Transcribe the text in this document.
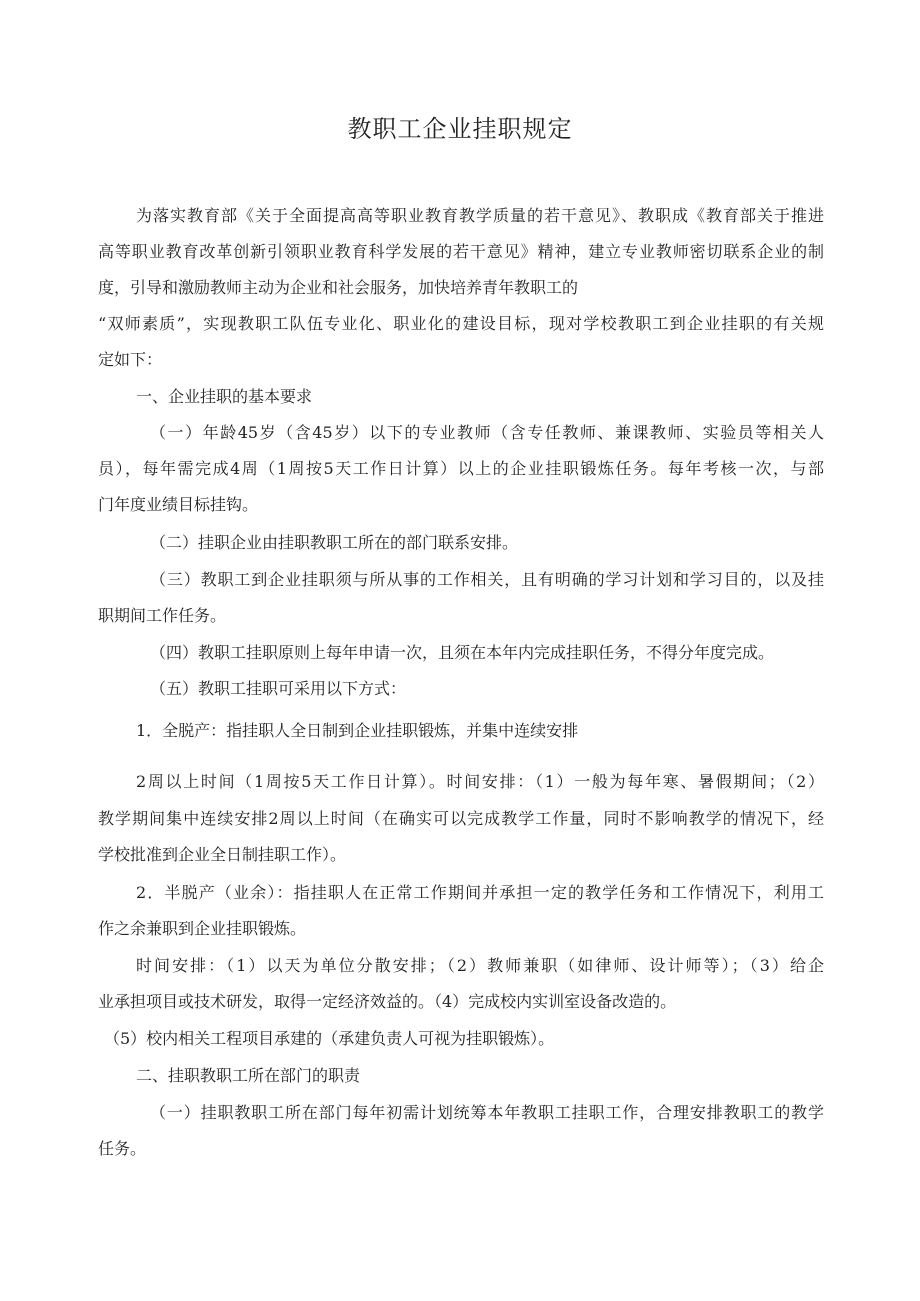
教职工企业挂职规定
为落实教育部《关于全面提高高等职业教育教学质量的若干意见》、教职成《教育部关于推进
高等职业教育改革创新引领职业教育科学发展的若干意见》精神，建立专业教师密切联系企业的制
度，引导和激励教师主动为企业和社会服务，加快培养青年教职工的
“双师素质”，实现教职工队伍专业化、职业化的建设目标，现对学校教职工到企业挂职的有关规
定如下：
一、企业挂职的基本要求
（一）年龄45岁（含45岁）以下的专业教师（含专任教师、兼课教师、实验员等相关人
员），每年需完成4周（1周按5天工作日计算）以上的企业挂职锻炼任务。每年考核一次，与部
门年度业绩目标挂钩。
（二）挂职企业由挂职教职工所在的部门联系安排。
（三）教职工到企业挂职须与所从事的工作相关，且有明确的学习计划和学习目的，以及挂
职期间工作任务。
（四）教职工挂职原则上每年申请一次，且须在本年内完成挂职任务，不得分年度完成。
（五）教职工挂职可采用以下方式：
1．全脱产：指挂职人全日制到企业挂职锻炼，并集中连续安排
2周以上时间（1周按5天工作日计算）。时间安排：（1）一般为每年寒、暑假期间；（2）
教学期间集中连续安排2周以上时间（在确实可以完成教学工作量，同时不影响教学的情况下，经
学校批准到企业全日制挂职工作）。
2．半脱产（业余）：指挂职人在正常工作期间并承担一定的教学任务和工作情况下，利用工
作之余兼职到企业挂职锻炼。
时间安排：（1）以天为单位分散安排；（2）教师兼职（如律师、设计师等）；（3）给企
业承担项目或技术研发，取得一定经济效益的。（4）完成校内实训室设备改造的。
（5）校内相关工程项目承建的（承建负责人可视为挂职锻炼）。
二、挂职教职工所在部门的职责
（一）挂职教职工所在部门每年初需计划统筹本年教职工挂职工作，合理安排教职工的教学
任务。
